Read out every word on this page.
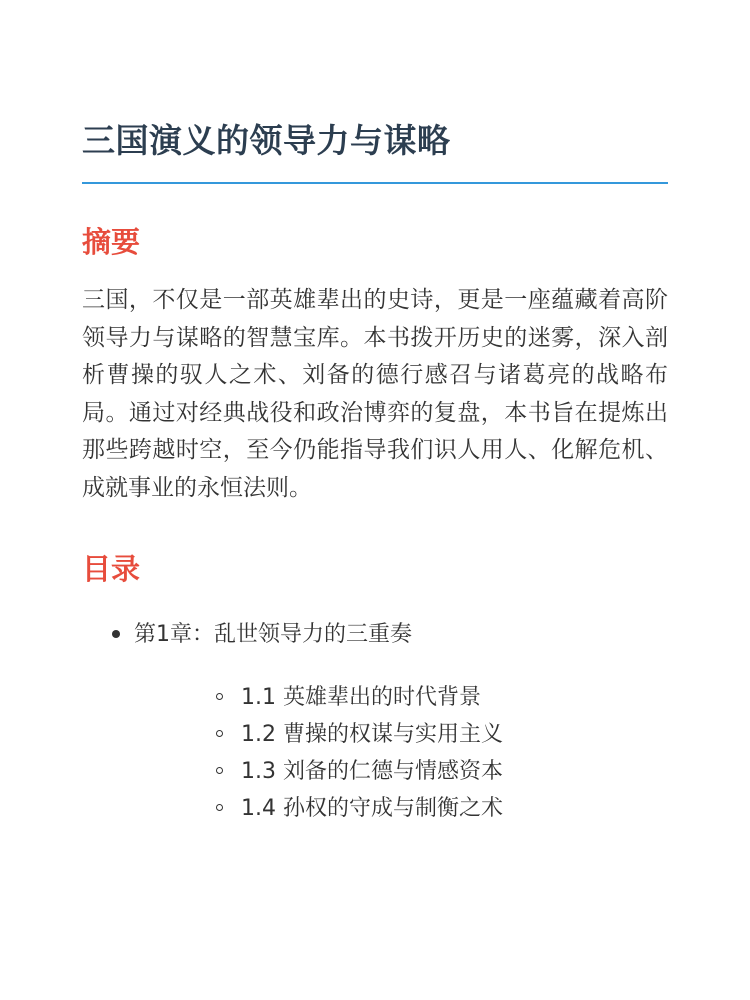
三国演义的领导力与谋略
摘要

三国，不仅是一部英雄辈出的史诗，更是一座蕴藏着高阶领导力与谋略的智慧宝库。本书拨开历史的迷雾，深入剖析曹操的驭人之术、刘备的德行感召与诸葛亮的战略布局。通过对经典战役和政治博弈的复盘，本书旨在提炼出那些跨越时空，至今仍能指导我们识人用人、化解危机、成就事业的永恒法则。

目录
第1章：乱世领导力的三重奏
1.1 英雄辈出的时代背景
1.2 曹操的权谋与实用主义
1.3 刘备的仁德与情感资本
1.4 孙权的守成与制衡之术
